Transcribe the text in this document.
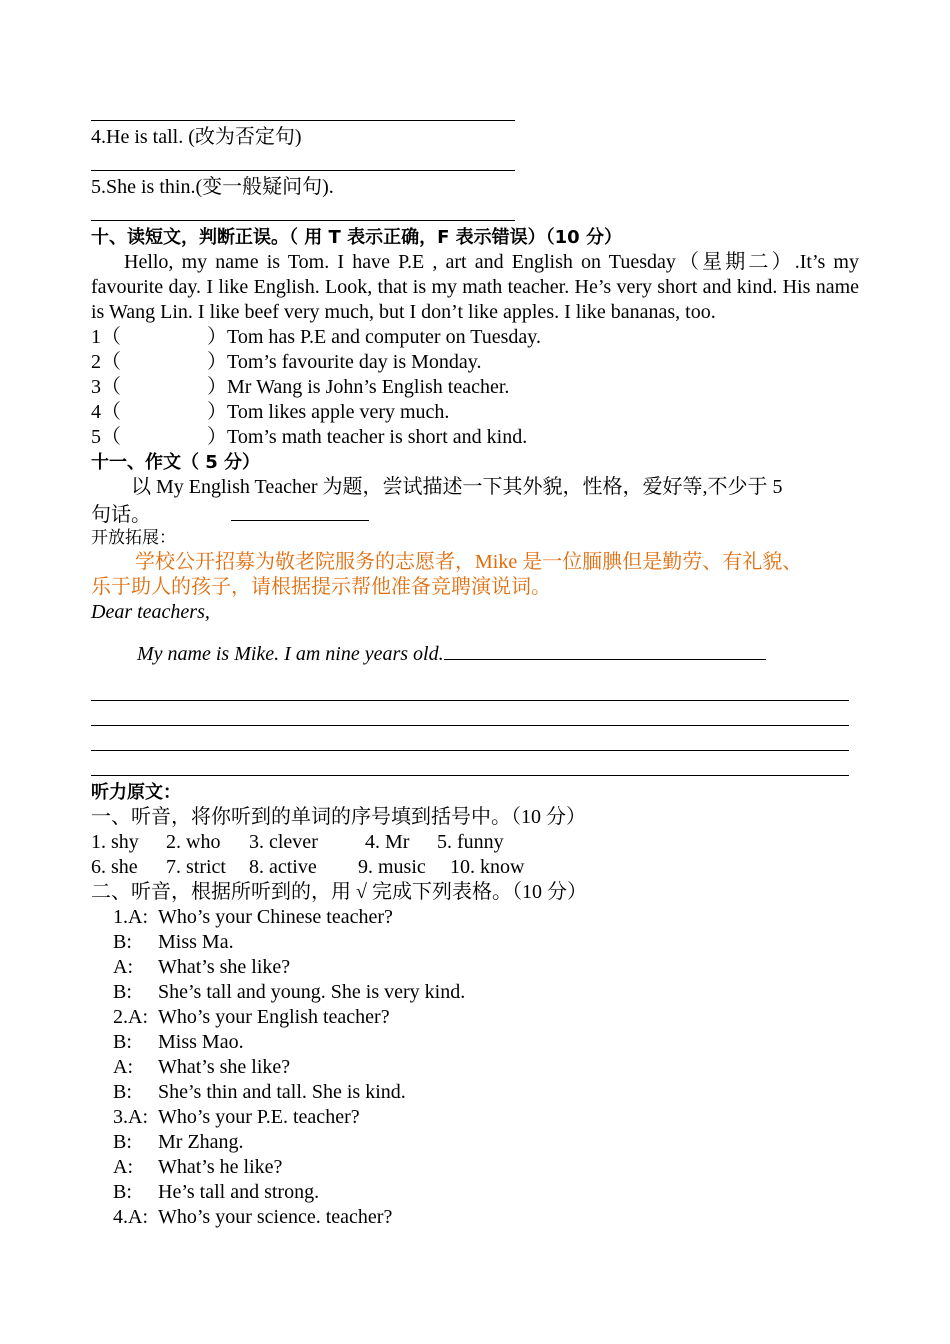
4.He is tall. (改为否定句)
5.She is thin.(变一般疑问句).
十、读短文，判断正误。（ 用 T 表示正确，F 表示错误）（10 分）
Hello, my name is Tom. I have P.E , art and English on Tuesday（星期二）.It’s my favourite day. I like English. Look, that is my math teacher. He’s very short and kind. His name is Wang Lin. I like beef very much, but I don’t like apples. I like bananas, too.
1（	）Tom has P.E and computer on Tuesday.
2（	）Tom’s favourite day is Monday.
3（	）Mr Wang is John’s English teacher.
4（	）Tom likes apple very much.
5（	）Tom’s math teacher is short and kind.
十一、作文（ 5 分）
以 My English Teacher 为题，尝试描述一下其外貌，性格，爱好等,不少于 5
句话。
开放拓展：
学校公开招募为敬老院服务的志愿者，Mike 是一位腼腆但是勤劳、有礼貌、
乐于助人的孩子，请根据提示帮他准备竞聘演说词。
Dear teachers,
My name is Mike. I am nine years old.
听力原文：
一、听音，将你听到的单词的序号填到括号中。（10 分）
1. shy 2. who 3. clever 4. Mr 5. funny
6. she 7. strict 8. active 9. music 10. know
二、听音，根据所听到的，用 √ 完成下列表格。（10 分）
1.A: Who’s your Chinese teacher?
B: Miss Ma.
A: What’s she like?
B: She’s tall and young. She is very kind.
2.A: Who’s your English teacher?
B: Miss Mao.
A: What’s she like?
B: She’s thin and tall. She is kind.
3.A: Who’s your P.E. teacher?
B: Mr Zhang.
A: What’s he like?
B: He’s tall and strong.
4.A: Who’s your science. teacher?
